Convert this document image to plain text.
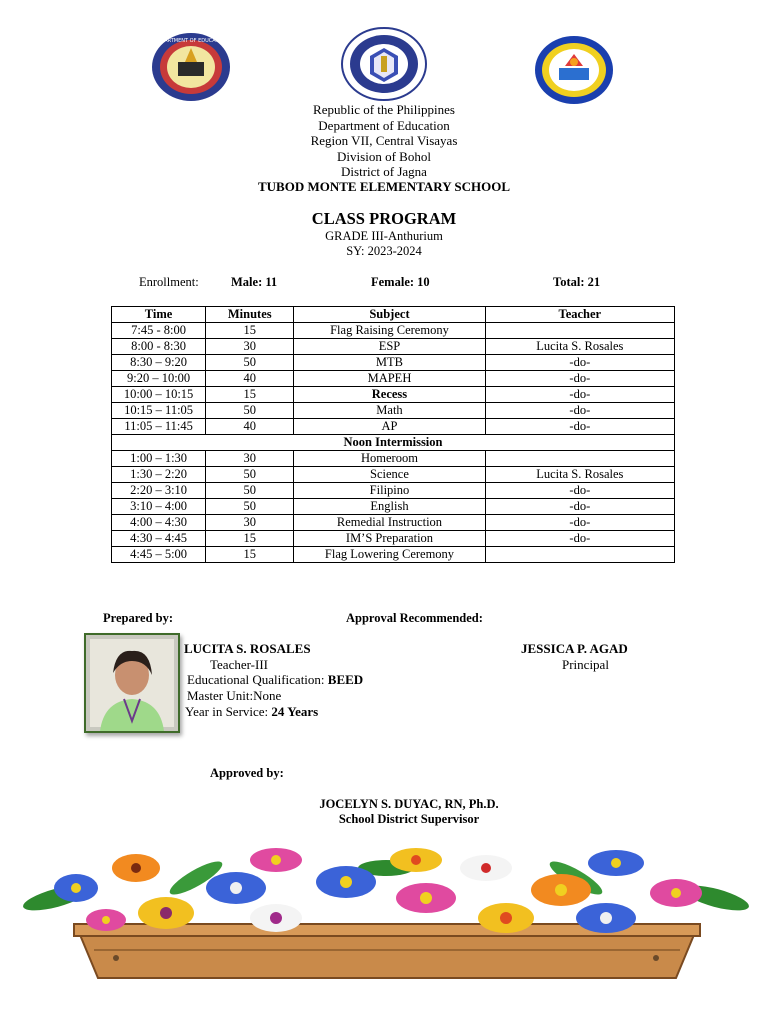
DEPARTMENT OF EDUCATION
Republic of the Philippines
Department of Education
Region VII, Central Visayas
Division of Bohol
District of Jagna
TUBOD MONTE ELEMENTARY SCHOOL
CLASS PROGRAM
GRADE III-Anthurium
SY: 2023-2024
Enrollment:	Male: 11	Female: 10	Total: 21
Time	Minutes	Subject	Teacher
7:45 - 8:00	15	Flag Raising Ceremony	
8:00 - 8:30	30	ESP	Lucita S. Rosales
8:30 – 9:20	50	MTB	-do-
9:20 – 10:00	40	MAPEH	-do-
10:00 – 10:15	15	Recess	-do-
10:15 – 11:05	50	Math	-do-
11:05 – 11:45	40	AP	-do-
Noon Intermission			
1:00 – 1:30	30	Homeroom	
1:30 – 2:20	50	Science	Lucita S. Rosales
2:20 – 3:10	50	Filipino	-do-
3:10 – 4:00	50	English	-do-
4:00 – 4:30	30	Remedial Instruction	-do-
4:30 – 4:45	15	IM’S Preparation	-do-
4:45 – 5:00	15	Flag Lowering Ceremony	
Prepared by:	Approval Recommended:
LUCITA S. ROSALES
Teacher-III
Educational Qualification: BEED
Master Unit:None
Year in Service: 24 Years
JESSICA P. AGAD
Principal
Approved by:
JOCELYN S. DUYAC, RN, Ph.D.
School District Supervisor
